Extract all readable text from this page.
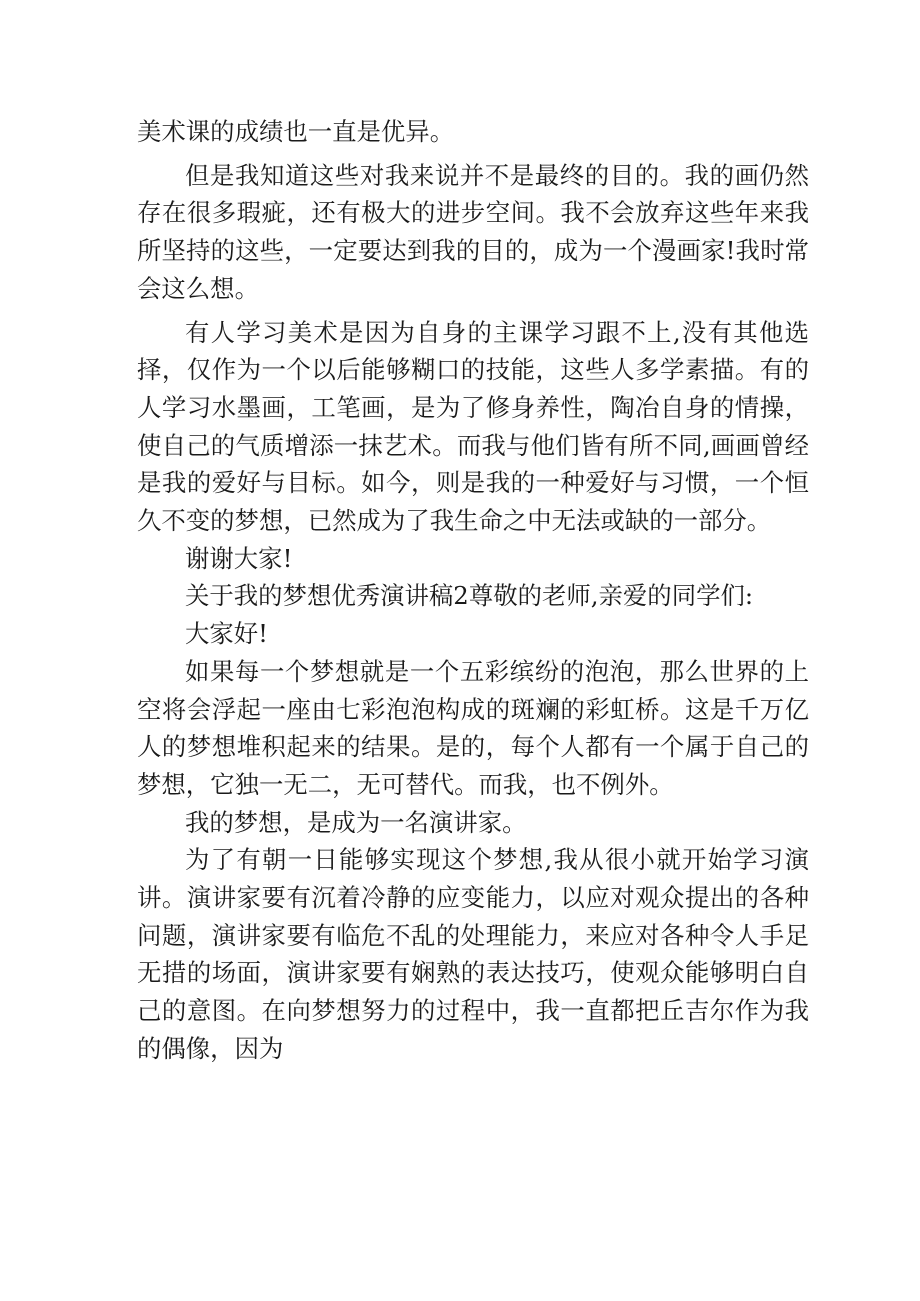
美术课的成绩也一直是优异。

但是我知道这些对我来说并不是最终的目的。我的画仍然存在很多瑕疵，还有极大的进步空间。我不会放弃这些年来我所坚持的这些，一定要达到我的目的，成为一个漫画家!我时常会这么想。

有人学习美术是因为自身的主课学习跟不上,没有其他选择，仅作为一个以后能够糊口的技能，这些人多学素描。有的人学习水墨画，工笔画，是为了修身养性，陶冶自身的情操，使自己的气质增添一抹艺术。而我与他们皆有所不同,画画曾经是我的爱好与目标。如今，则是我的一种爱好与习惯，一个恒久不变的梦想，已然成为了我生命之中无法或缺的一部分。

谢谢大家!

关于我的梦想优秀演讲稿2尊敬的老师,亲爱的同学们:

大家好!

如果每一个梦想就是一个五彩缤纷的泡泡，那么世界的上空将会浮起一座由七彩泡泡构成的斑斓的彩虹桥。这是千万亿人的梦想堆积起来的结果。是的，每个人都有一个属于自己的梦想，它独一无二，无可替代。而我，也不例外。

我的梦想，是成为一名演讲家。

为了有朝一日能够实现这个梦想,我从很小就开始学习演讲。演讲家要有沉着冷静的应变能力，以应对观众提出的各种问题，演讲家要有临危不乱的处理能力，来应对各种令人手足无措的场面，演讲家要有娴熟的表达技巧，使观众能够明白自己的意图。在向梦想努力的过程中，我一直都把丘吉尔作为我的偶像，因为
